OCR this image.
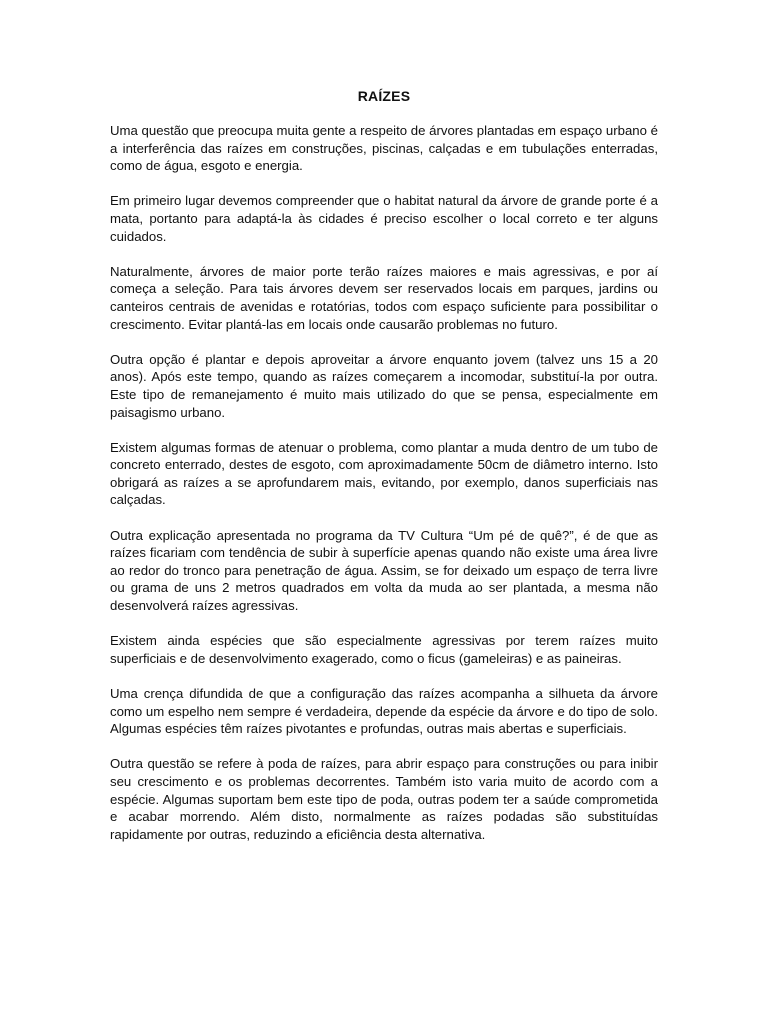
RAÍZES

Uma questão que preocupa muita gente a respeito de árvores plantadas em espaço urbano é a interferência das raízes em construções, piscinas, calçadas e em tubulações enterradas, como de água, esgoto e energia.

Em primeiro lugar devemos compreender que o habitat natural da árvore de grande porte é a mata, portanto para adaptá-la às cidades é preciso escolher o local correto e ter alguns cuidados.

Naturalmente, árvores de maior porte terão raízes maiores e mais agressivas, e por aí começa a seleção. Para tais árvores devem ser reservados locais em parques, jardins ou canteiros centrais de avenidas e rotatórias, todos com espaço suficiente para possibilitar o crescimento. Evitar plantá-las em locais onde causarão problemas no futuro.

Outra opção é plantar e depois aproveitar a árvore enquanto jovem (talvez uns 15 a 20 anos). Após este tempo, quando as raízes começarem a incomodar, substituí-la por outra. Este tipo de remanejamento é muito mais utilizado do que se pensa, especialmente em paisagismo urbano.

Existem algumas formas de atenuar o problema, como plantar a muda dentro de um tubo de concreto enterrado, destes de esgoto, com aproximadamente 50cm de diâmetro interno. Isto obrigará as raízes a se aprofundarem mais, evitando, por exemplo, danos superficiais nas calçadas.

Outra explicação apresentada no programa da TV Cultura “Um pé de quê?”, é de que as raízes ficariam com tendência de subir à superfície apenas quando não existe uma área livre ao redor do tronco para penetração de água. Assim, se for deixado um espaço de terra livre ou grama de uns 2 metros quadrados em volta da muda ao ser plantada, a mesma não desenvolverá raízes agressivas.

Existem ainda espécies que são especialmente agressivas por terem raízes muito superficiais e de desenvolvimento exagerado, como o ficus (gameleiras) e as paineiras.

Uma crença difundida de que a configuração das raízes acompanha a silhueta da árvore como um espelho nem sempre é verdadeira, depende da espécie da árvore e do tipo de solo. Algumas espécies têm raízes pivotantes e profundas, outras mais abertas e superficiais.

Outra questão se refere à poda de raízes, para abrir espaço para construções ou para inibir seu crescimento e os problemas decorrentes. Também isto varia muito de acordo com a espécie. Algumas suportam bem este tipo de poda, outras podem ter a saúde comprometida e acabar morrendo. Além disto, normalmente as raízes podadas são substituídas rapidamente por outras, reduzindo a eficiência desta alternativa.
